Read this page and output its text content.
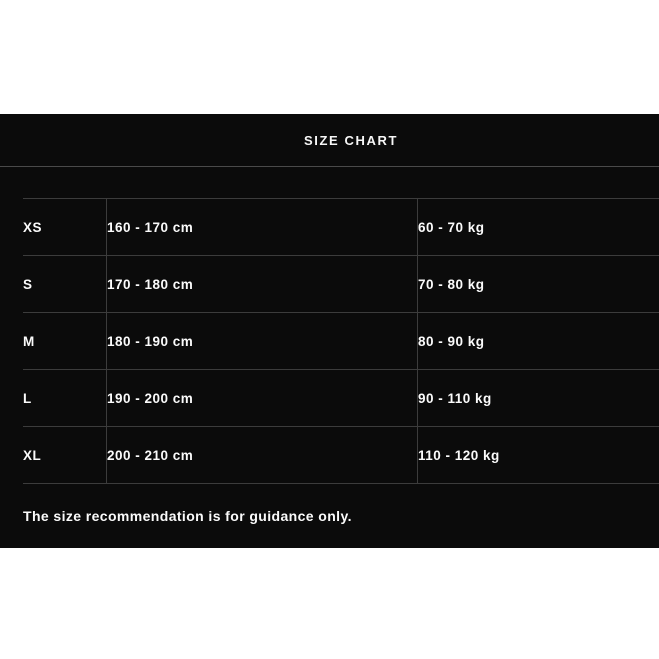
SIZE CHART
XS	160 - 170 cm	60 - 70 kg
S	170 - 180 cm	70 - 80 kg
M	180 - 190 cm	80 - 90 kg
L	190 - 200 cm	90 - 110 kg
XL	200 - 210 cm	110 - 120 kg

The size recommendation is for guidance only.
